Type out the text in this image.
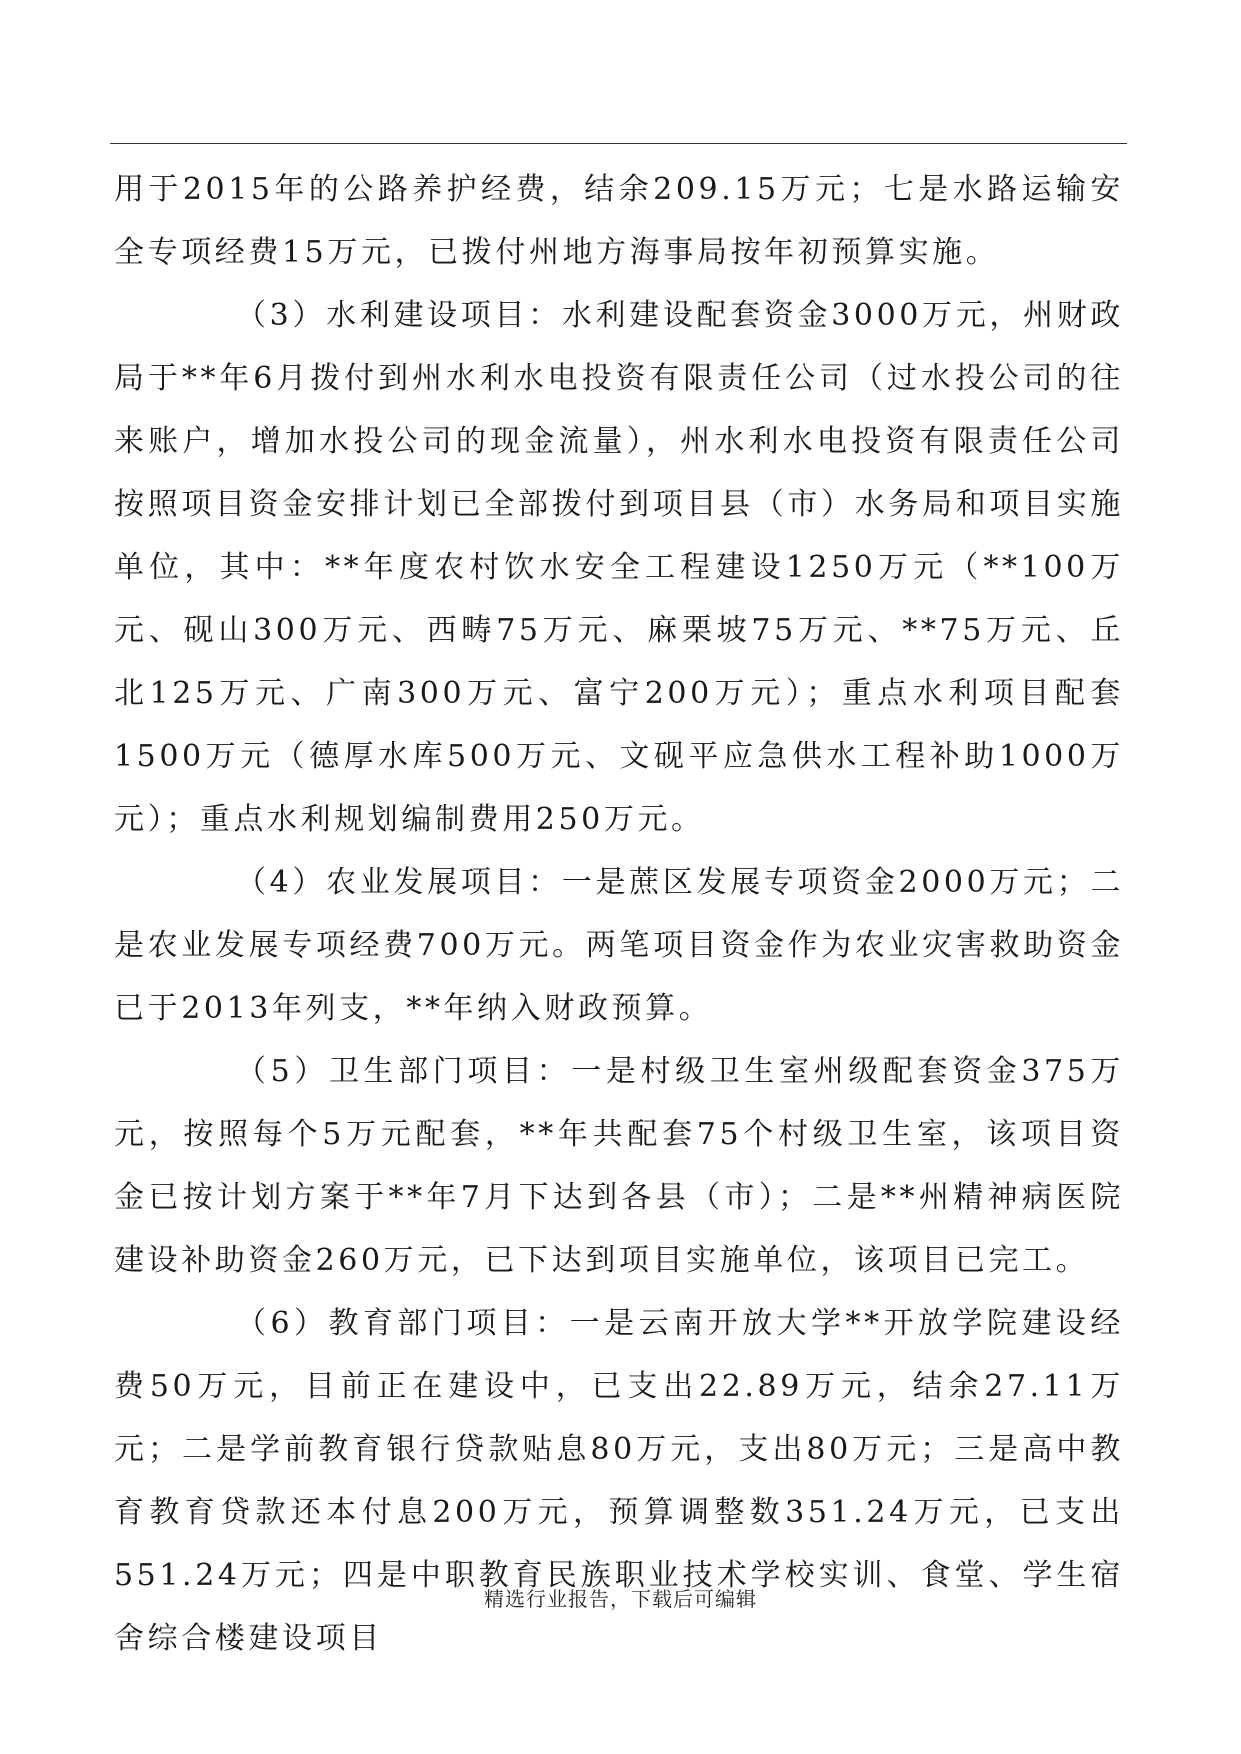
用于2015年的公路养护经费，结余209.15万元；七是水路运输安全专项经费15万元，已拨付州地方海事局按年初预算实施。

（3）水利建设项目：水利建设配套资金3000万元，州财政局于**年6月拨付到州水利水电投资有限责任公司（过水投公司的往来账户，增加水投公司的现金流量），州水利水电投资有限责任公司按照项目资金安排计划已全部拨付到项目县（市）水务局和项目实施单位，其中：**年度农村饮水安全工程建设1250万元（**100万元、砚山300万元、西畴75万元、麻栗坡75万元、**75万元、丘北125万元、广南300万元、富宁200万元）；重点水利项目配套1500万元（德厚水库500万元、文砚平应急供水工程补助1000万元）；重点水利规划编制费用250万元。

（4）农业发展项目：一是蔗区发展专项资金2000万元；二是农业发展专项经费700万元。两笔项目资金作为农业灾害救助资金已于2013年列支，**年纳入财政预算。

（5）卫生部门项目：一是村级卫生室州级配套资金375万元，按照每个5万元配套，**年共配套75个村级卫生室，该项目资金已按计划方案于**年7月下达到各县（市）；二是**州精神病医院建设补助资金260万元，已下达到项目实施单位，该项目已完工。

（6）教育部门项目：一是云南开放大学**开放学院建设经费50万元，目前正在建设中，已支出22.89万元，结余27.11万元；二是学前教育银行贷款贴息80万元，支出80万元；三是高中教育教育贷款还本付息200万元，预算调整数351.24万元，已支出551.24万元；四是中职教育民族职业技术学校实训、食堂、学生宿舍综合楼建设项目

精选行业报告，下载后可编辑
